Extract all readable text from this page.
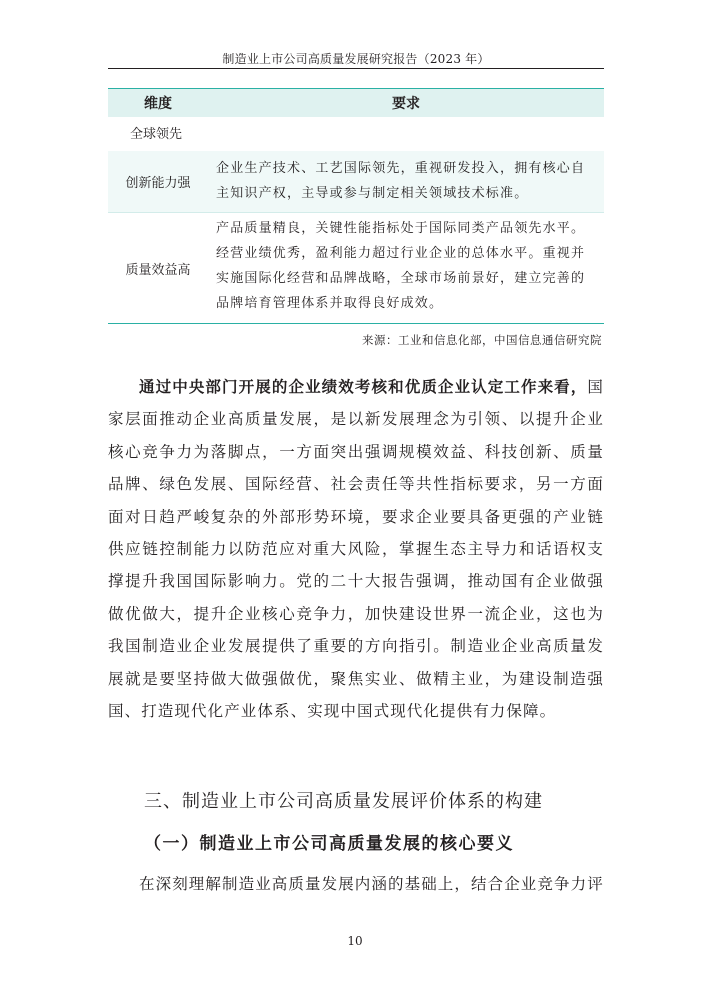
制造业上市公司高质量发展研究报告（2023 年）
维度	要求
全球领先
创新能力强
企业生产技术、工艺国际领先，重视研发投入，拥有核心自主知识产权，主导或参与制定相关领域技术标准。
质量效益高
产品质量精良，关键性能指标处于国际同类产品领先水平。经营业绩优秀，盈利能力超过行业企业的总体水平。重视并实施国际化经营和品牌战略，全球市场前景好，建立完善的品牌培育管理体系并取得良好成效。
来源：工业和信息化部，中国信息通信研究院
通过中央部门开展的企业绩效考核和优质企业认定工作来看，国家层面推动企业高质量发展，是以新发展理念为引领、以提升企业核心竞争力为落脚点，一方面突出强调规模效益、科技创新、质量品牌、绿色发展、国际经营、社会责任等共性指标要求，另一方面面对日趋严峻复杂的外部形势环境，要求企业要具备更强的产业链供应链控制能力以防范应对重大风险，掌握生态主导力和话语权支撑提升我国国际影响力。党的二十大报告强调，推动国有企业做强做优做大，提升企业核心竞争力，加快建设世界一流企业，这也为我国制造业企业发展提供了重要的方向指引。制造业企业高质量发展就是要坚持做大做强做优，聚焦实业、做精主业，为建设制造强国、打造现代化产业体系、实现中国式现代化提供有力保障。
三、制造业上市公司高质量发展评价体系的构建
（一）制造业上市公司高质量发展的核心要义
在深刻理解制造业高质量发展内涵的基础上，结合企业竞争力评
10
